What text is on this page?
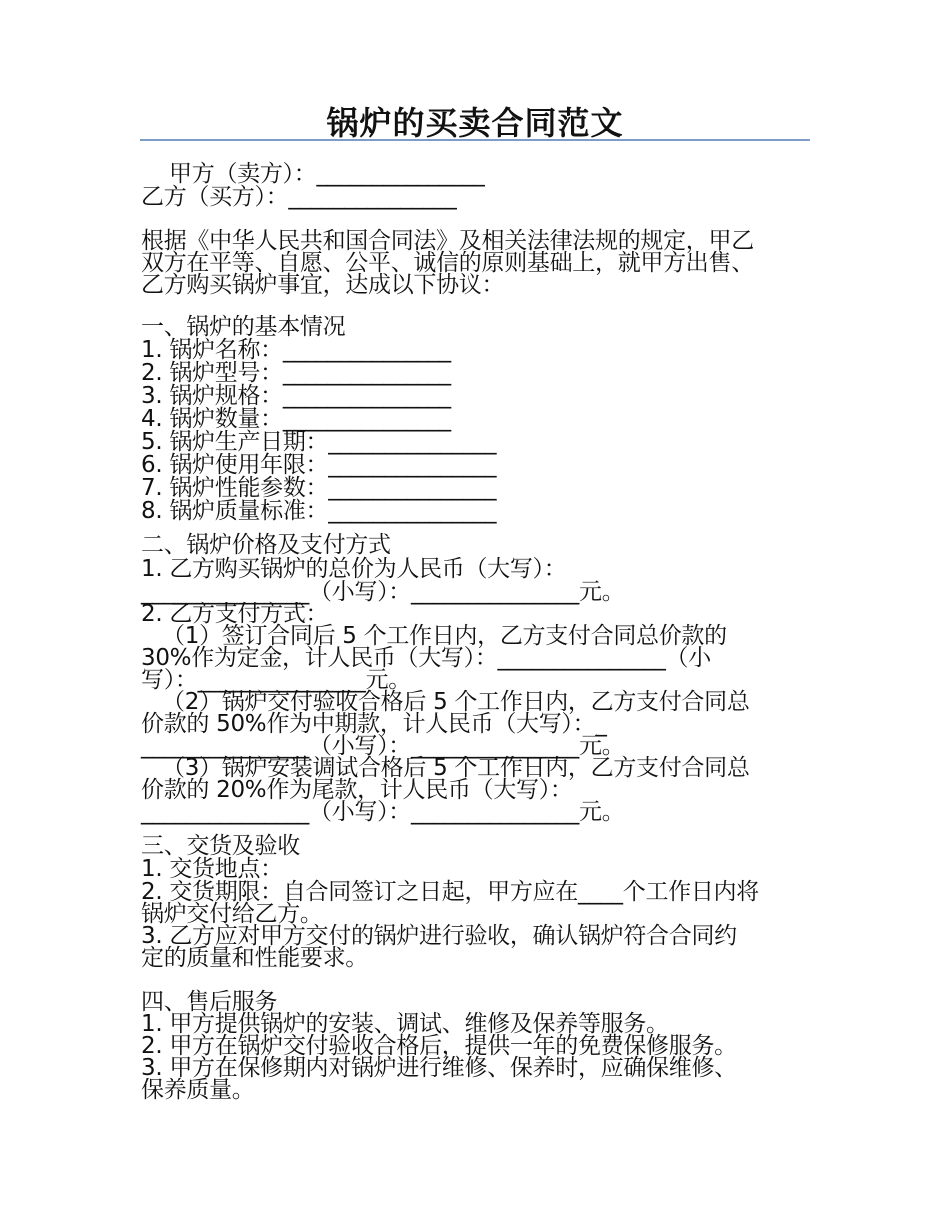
锅炉的买卖合同范文
甲方（卖方）：_______________
乙方（买方）：_______________
根据《中华人民共和国合同法》及相关法律法规的规定，甲乙
双方在平等、自愿、公平、诚信的原则基础上，就甲方出售、
乙方购买锅炉事宜，达成以下协议：
一、锅炉的基本情况
1. 锅炉名称：_______________
2. 锅炉型号：_______________
3. 锅炉规格：_______________
4. 锅炉数量：_______________
5. 锅炉生产日期：_______________
6. 锅炉使用年限：_______________
7. 锅炉性能参数：_______________
8. 锅炉质量标准：_______________
二、锅炉价格及支付方式
1. 乙方购买锅炉的总价为人民币（大写）：
_______________（小写）：_______________元。
2. 乙方支付方式：
（1）签订合同后 5 个工作日内，乙方支付合同总价款的
30%作为定金，计人民币（大写）：_______________（小
写）：_______________元。
（2）锅炉交付验收合格后 5 个工作日内，乙方支付合同总
价款的 50%作为中期款，计人民币（大写）：_
_______________（小写）：_______________元。
（3）锅炉安装调试合格后 5 个工作日内，乙方支付合同总
价款的 20%作为尾款，计人民币（大写）：
_______________（小写）：_______________元。
三、交货及验收
1. 交货地点：
2. 交货期限：自合同签订之日起，甲方应在____个工作日内将
锅炉交付给乙方。
3. 乙方应对甲方交付的锅炉进行验收，确认锅炉符合合同约
定的质量和性能要求。
四、售后服务
1. 甲方提供锅炉的安装、调试、维修及保养等服务。
2. 甲方在锅炉交付验收合格后，提供一年的免费保修服务。
3. 甲方在保修期内对锅炉进行维修、保养时，应确保维修、
保养质量。
